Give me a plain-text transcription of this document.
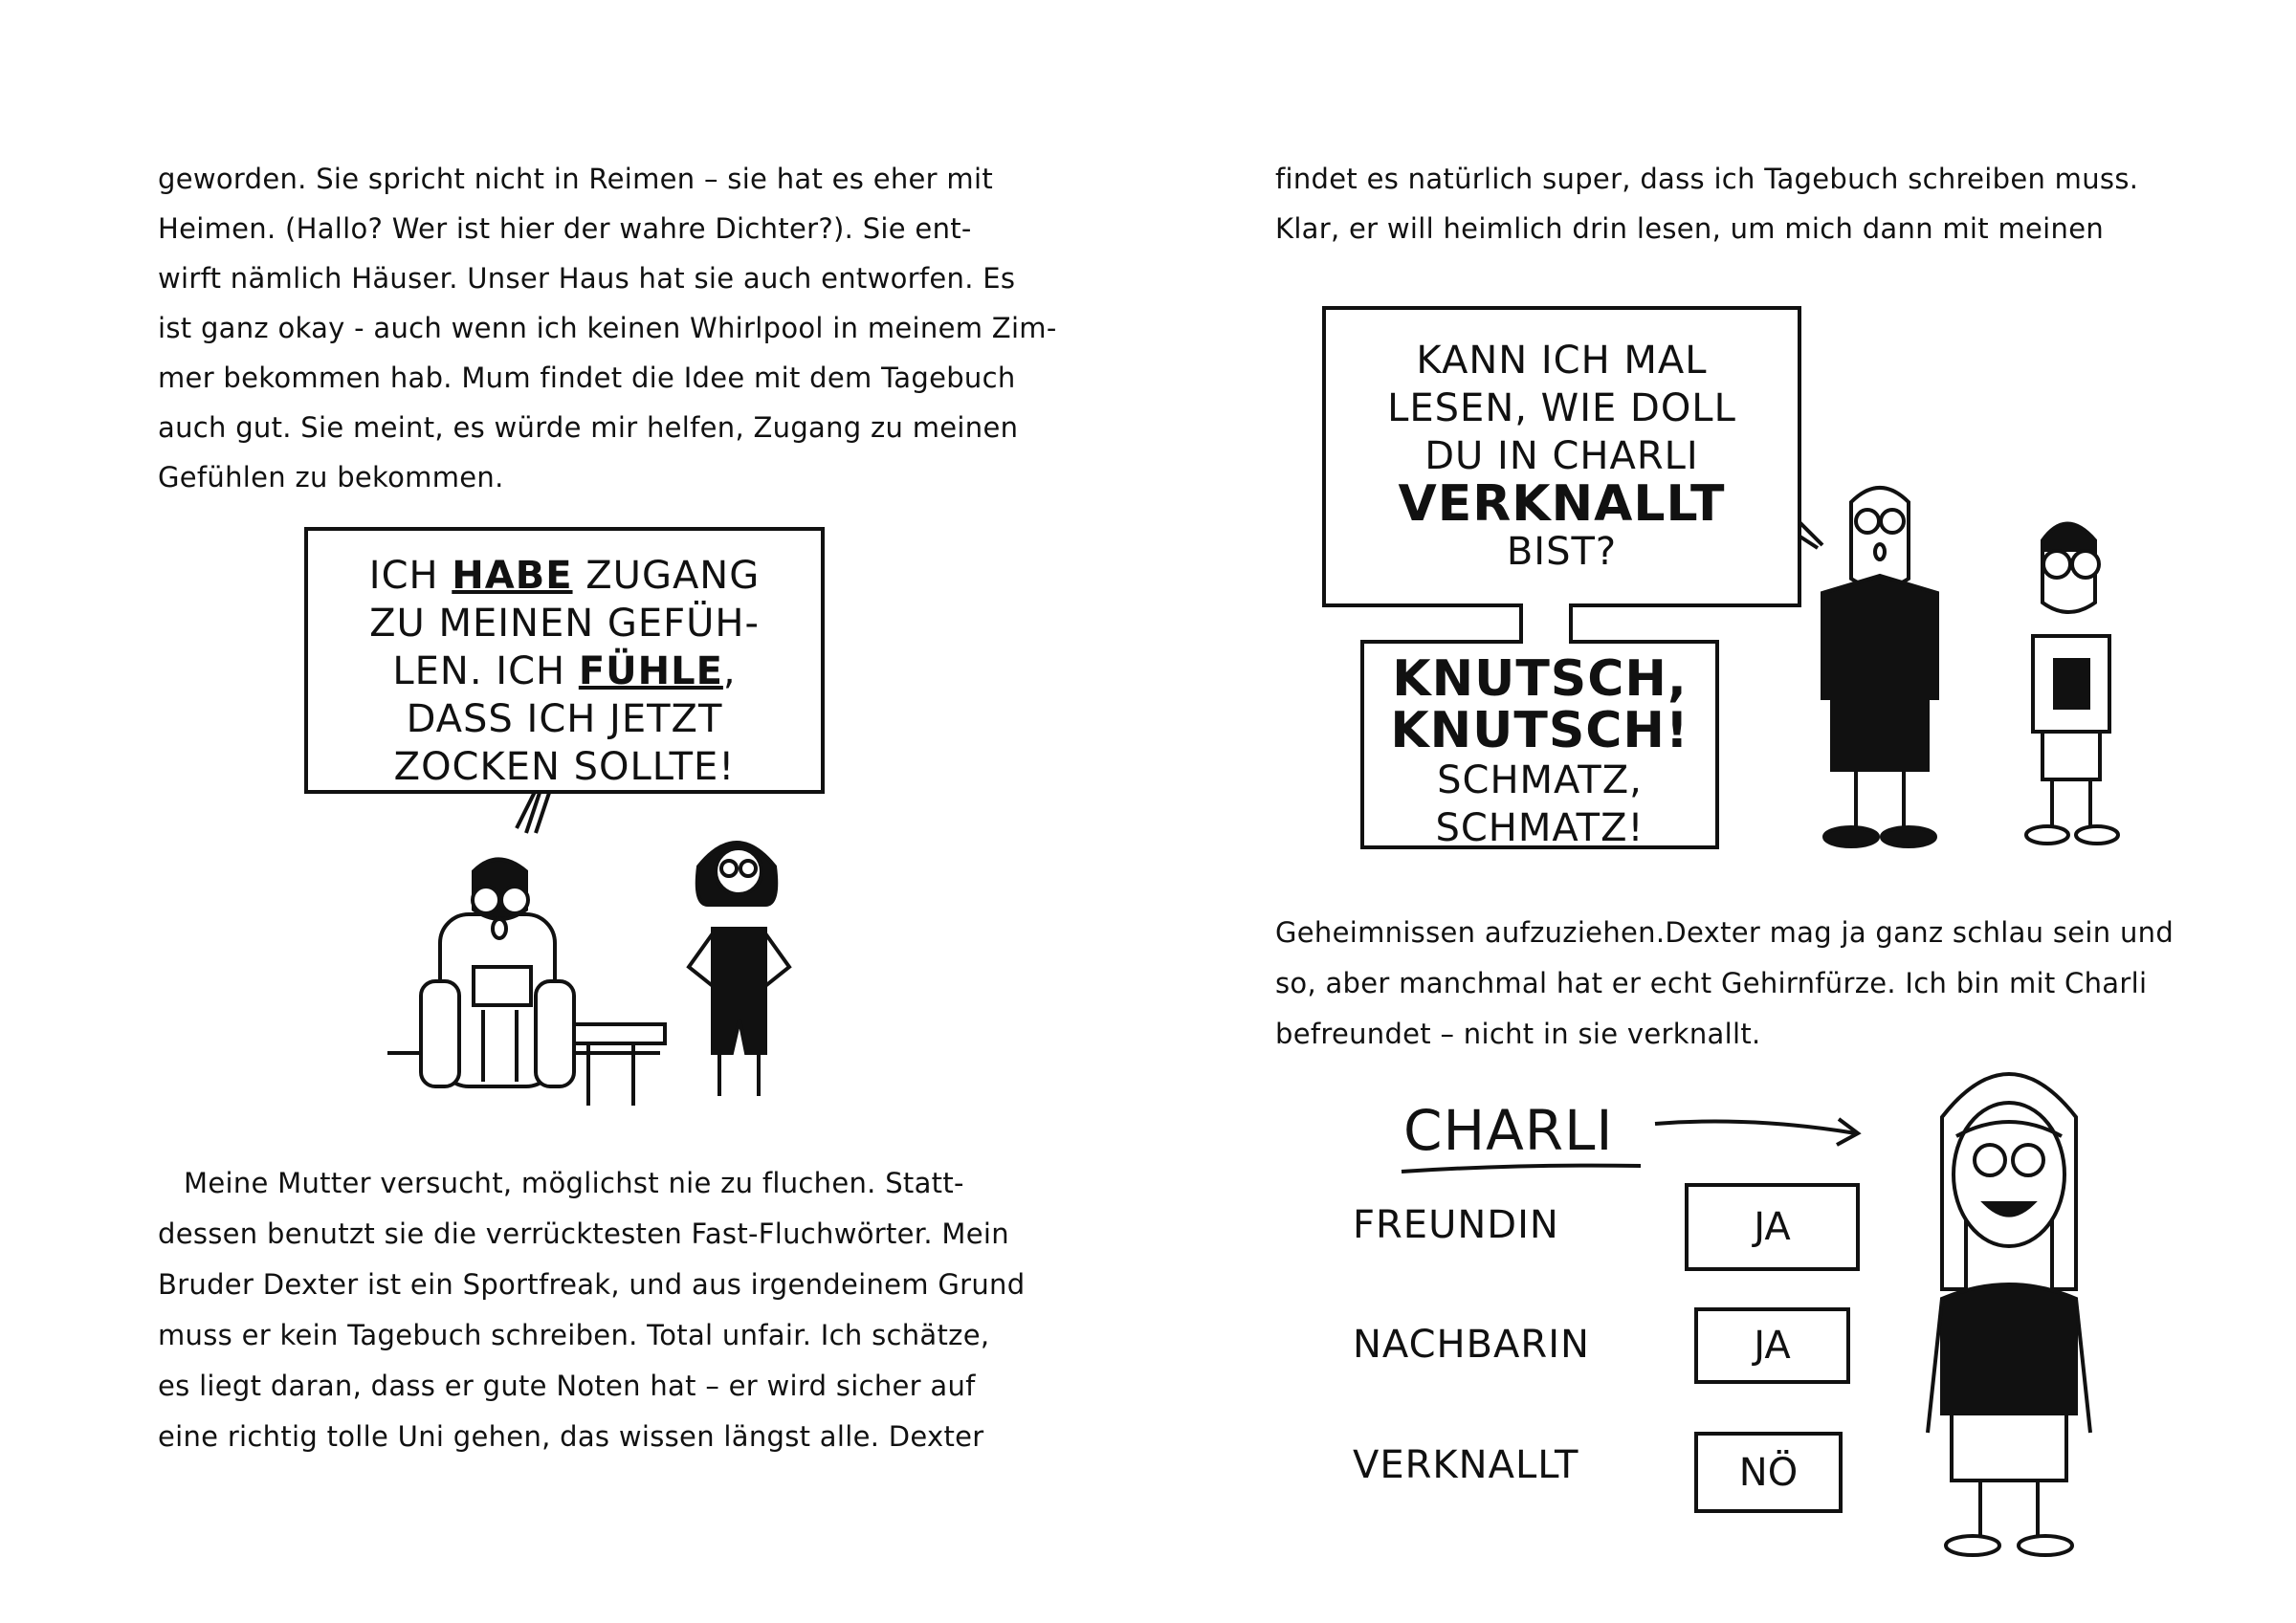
geworden. Sie spricht nicht in Reimen – sie hat es eher mit
Heimen. (Hallo? Wer ist hier der wahre Dichter?). Sie ent-
wirft nämlich Häuser. Unser Haus hat sie auch entworfen. Es
ist ganz okay - auch wenn ich keinen Whirlpool in meinem Zim-
mer bekommen hab. Mum findet die Idee mit dem Tagebuch
auch gut. Sie meint, es würde mir helfen, Zugang zu meinen
Gefühlen zu bekommen.
ICH HABE ZUGANG
ZU MEINEN GEFÜH-
LEN. ICH FÜHLE,
DASS ICH JETZT
ZOCKEN SOLLTE!
Meine Mutter versucht, möglichst nie zu fluchen. Statt-
dessen benutzt sie die verrücktesten Fast-Fluchwörter. Mein
Bruder Dexter ist ein Sportfreak, und aus irgendeinem Grund
muss er kein Tagebuch schreiben. Total unfair. Ich schätze,
es liegt daran, dass er gute Noten hat – er wird sicher auf
eine richtig tolle Uni gehen, das wissen längst alle. Dexter
findet es natürlich super, dass ich Tagebuch schreiben muss.
Klar, er will heimlich drin lesen, um mich dann mit meinen
KANN ICH MAL
LESEN, WIE DOLL
DU IN CHARLI
VERKNALLT
BIST?
KNUTSCH,
KNUTSCH!
SCHMATZ,
SCHMATZ!
Geheimnissen aufzuziehen.Dexter mag ja ganz schlau sein und
so, aber manchmal hat er echt Gehirnfürze. Ich bin mit Charli
befreundet – nicht in sie verknallt.
CHARLI
FREUNDIN	JA
NACHBARIN	JA
VERKNALLT	NÖ
